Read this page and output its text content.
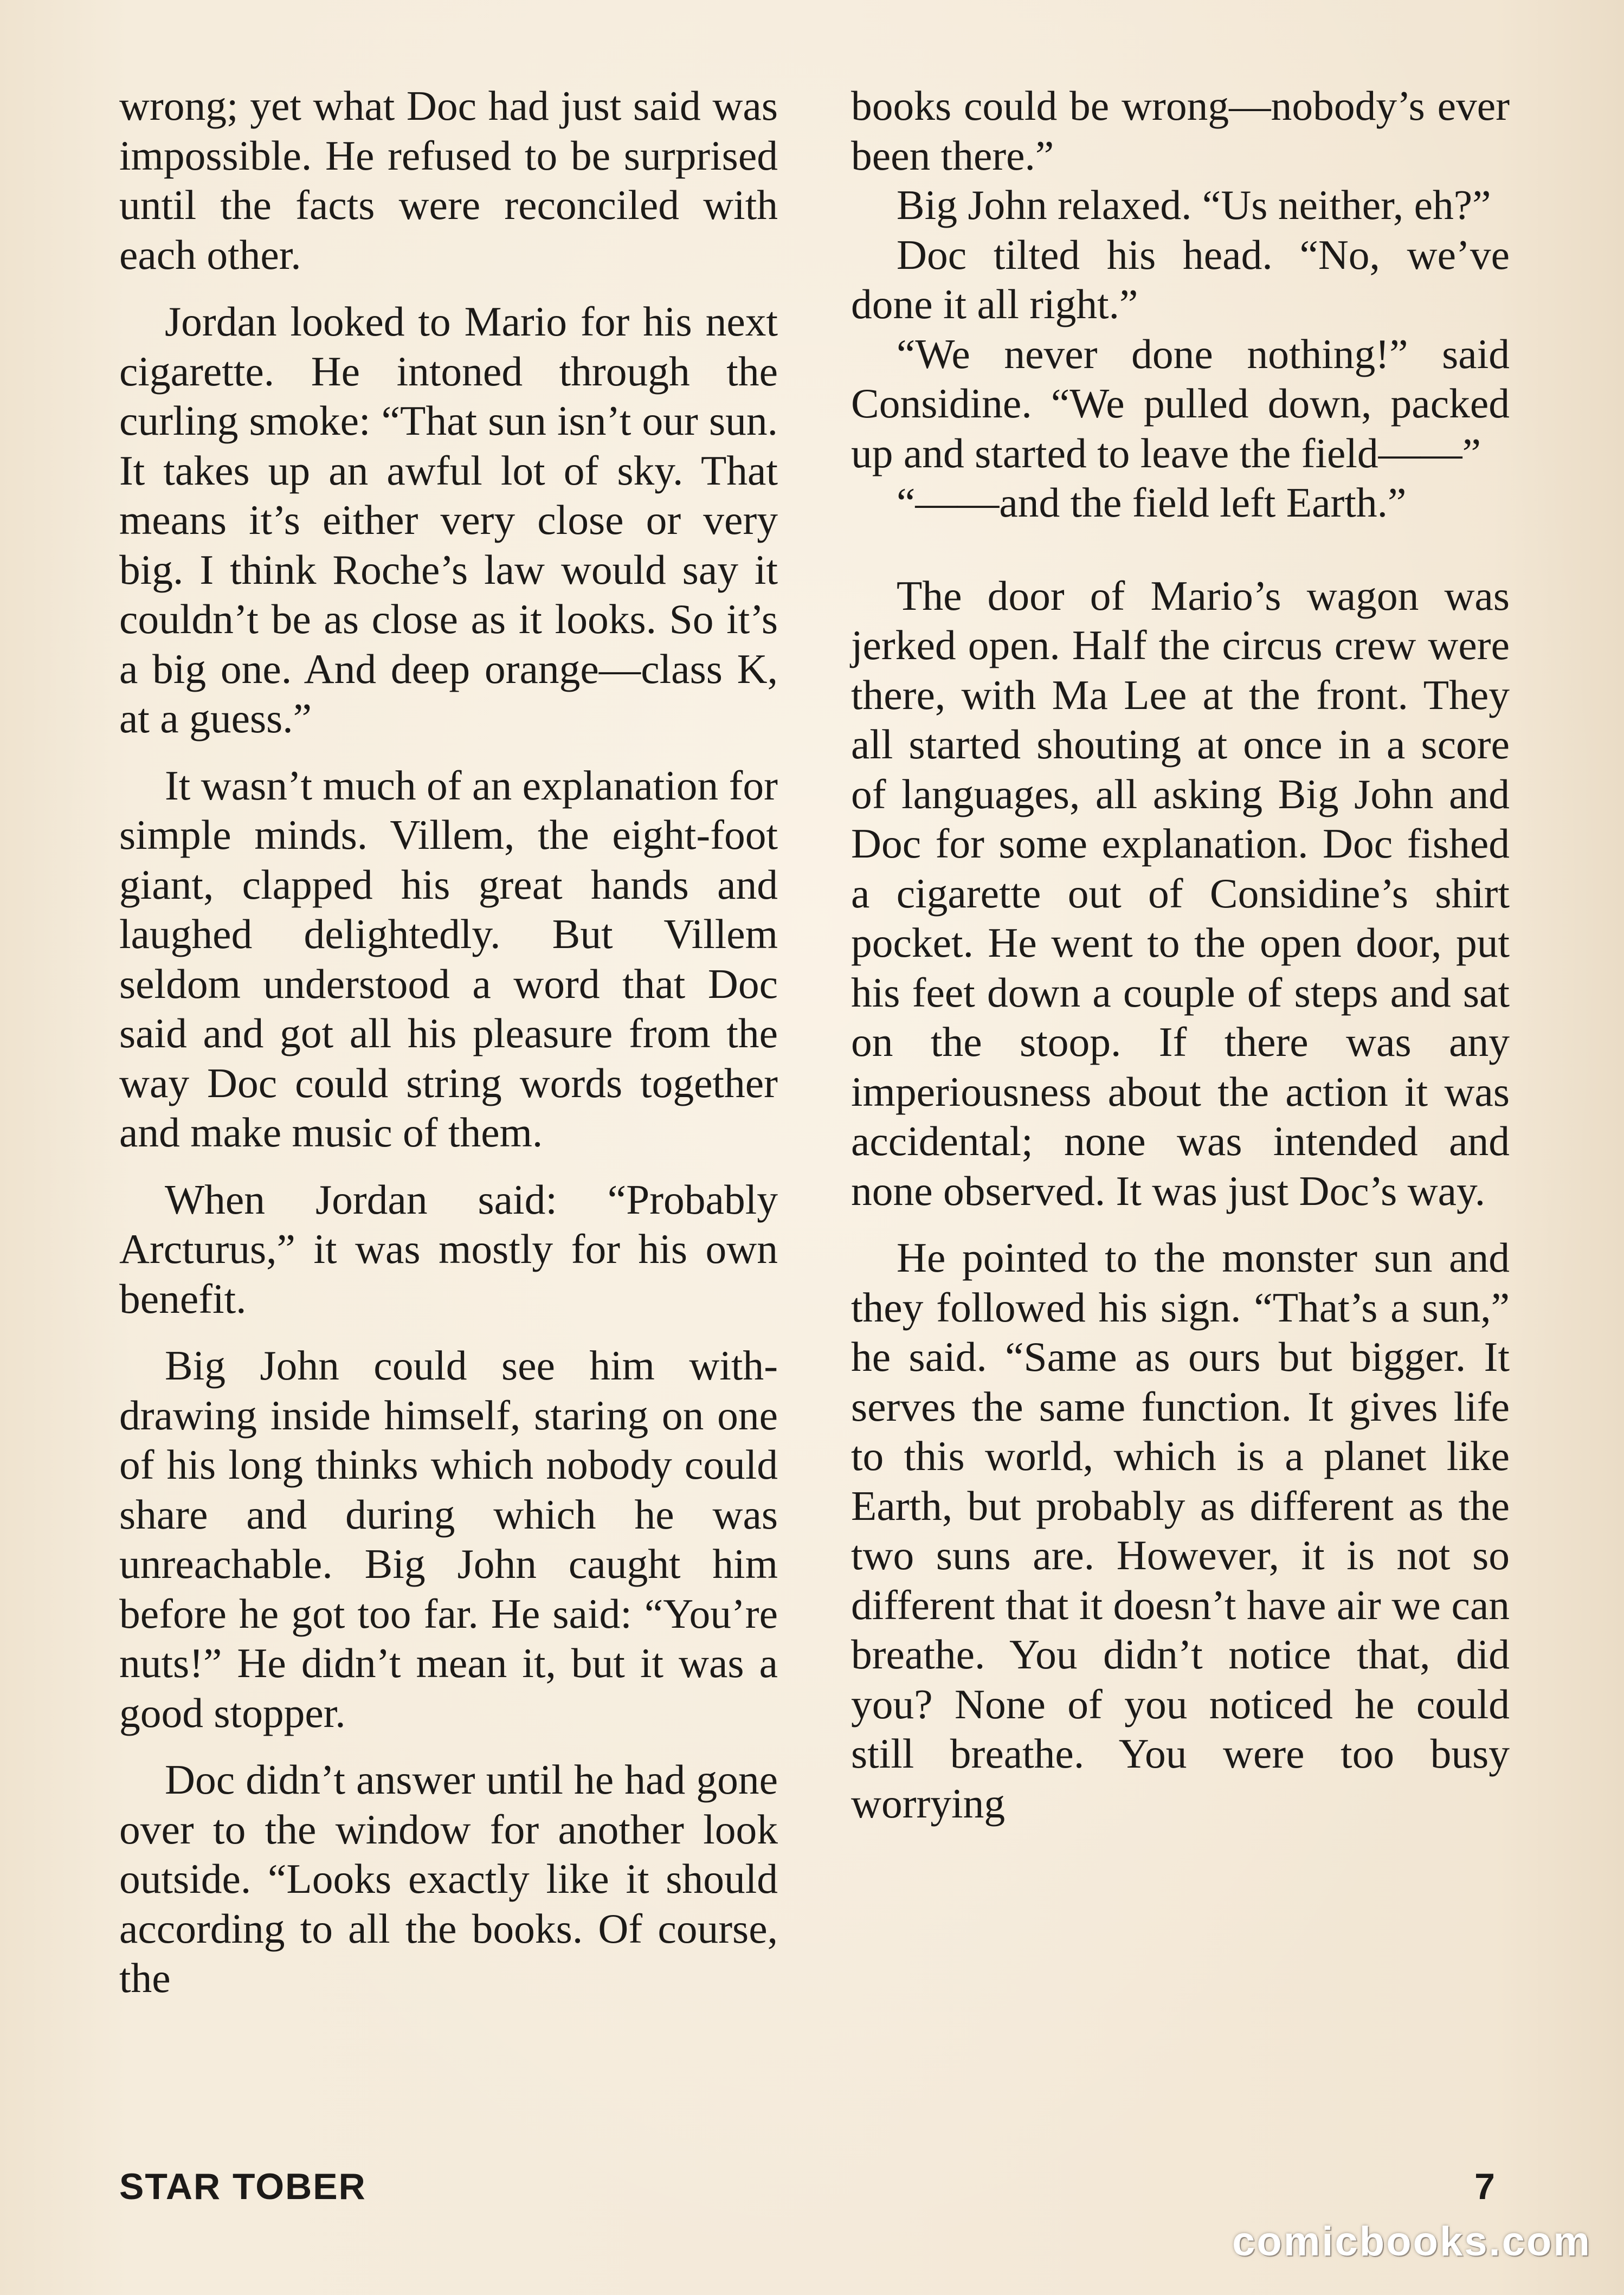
wrong; yet what Doc had just said was impossible. He refused to be surprised until the facts were reconciled with each other.

Jordan looked to Mario for his next cigarette. He intoned through the curling smoke: “That sun isn’t our sun. It takes up an awful lot of sky. That means it’s either very close or very big. I think Roche’s law would say it couldn’t be as close as it looks. So it’s a big one. And deep orange—class K, at a guess.”

It wasn’t much of an explanation for simple minds. Villem, the eight-foot giant, clapped his great hands and laughed delightedly. But Villem seldom understood a word that Doc said and got all his pleasure from the way Doc could string words together and make music of them.

When Jordan said: “Probably Arcturus,” it was mostly for his own benefit.

Big John could see him withdrawing inside himself, staring on one of his long thinks which nobody could share and during which he was unreachable. Big John caught him before he got too far. He said: “You’re nuts!” He didn’t mean it, but it was a good stopper.

Doc didn’t answer until he had gone over to the window for another look outside. “Looks exactly like it should according to all the books. Of course, the

books could be wrong—nobody’s ever been there.”

Big John relaxed. “Us neither, eh?”

Doc tilted his head. “No, we’ve done it all right.”

“We never done nothing!” said Considine. “We pulled down, packed up and started to leave the field——”

“——and the field left Earth.”

The door of Mario’s wagon was jerked open. Half the circus crew were there, with Ma Lee at the front. They all started shouting at once in a score of languages, all asking Big John and Doc for some explanation. Doc fished a cigarette out of Considine’s shirt pocket. He went to the open door, put his feet down a couple of steps and sat on the stoop. If there was any imperiousness about the action it was accidental; none was intended and none observed. It was just Doc’s way.

He pointed to the monster sun and they followed his sign. “That’s a sun,” he said. “Same as ours but bigger. It serves the same function. It gives life to this world, which is a planet like Earth, but probably as different as the two suns are. However, it is not so different that it doesn’t have air we can breathe. You didn’t notice that, did you? None of you noticed he could still breathe. You were too busy worrying

STAR TOBER	7
comicbooks.com
